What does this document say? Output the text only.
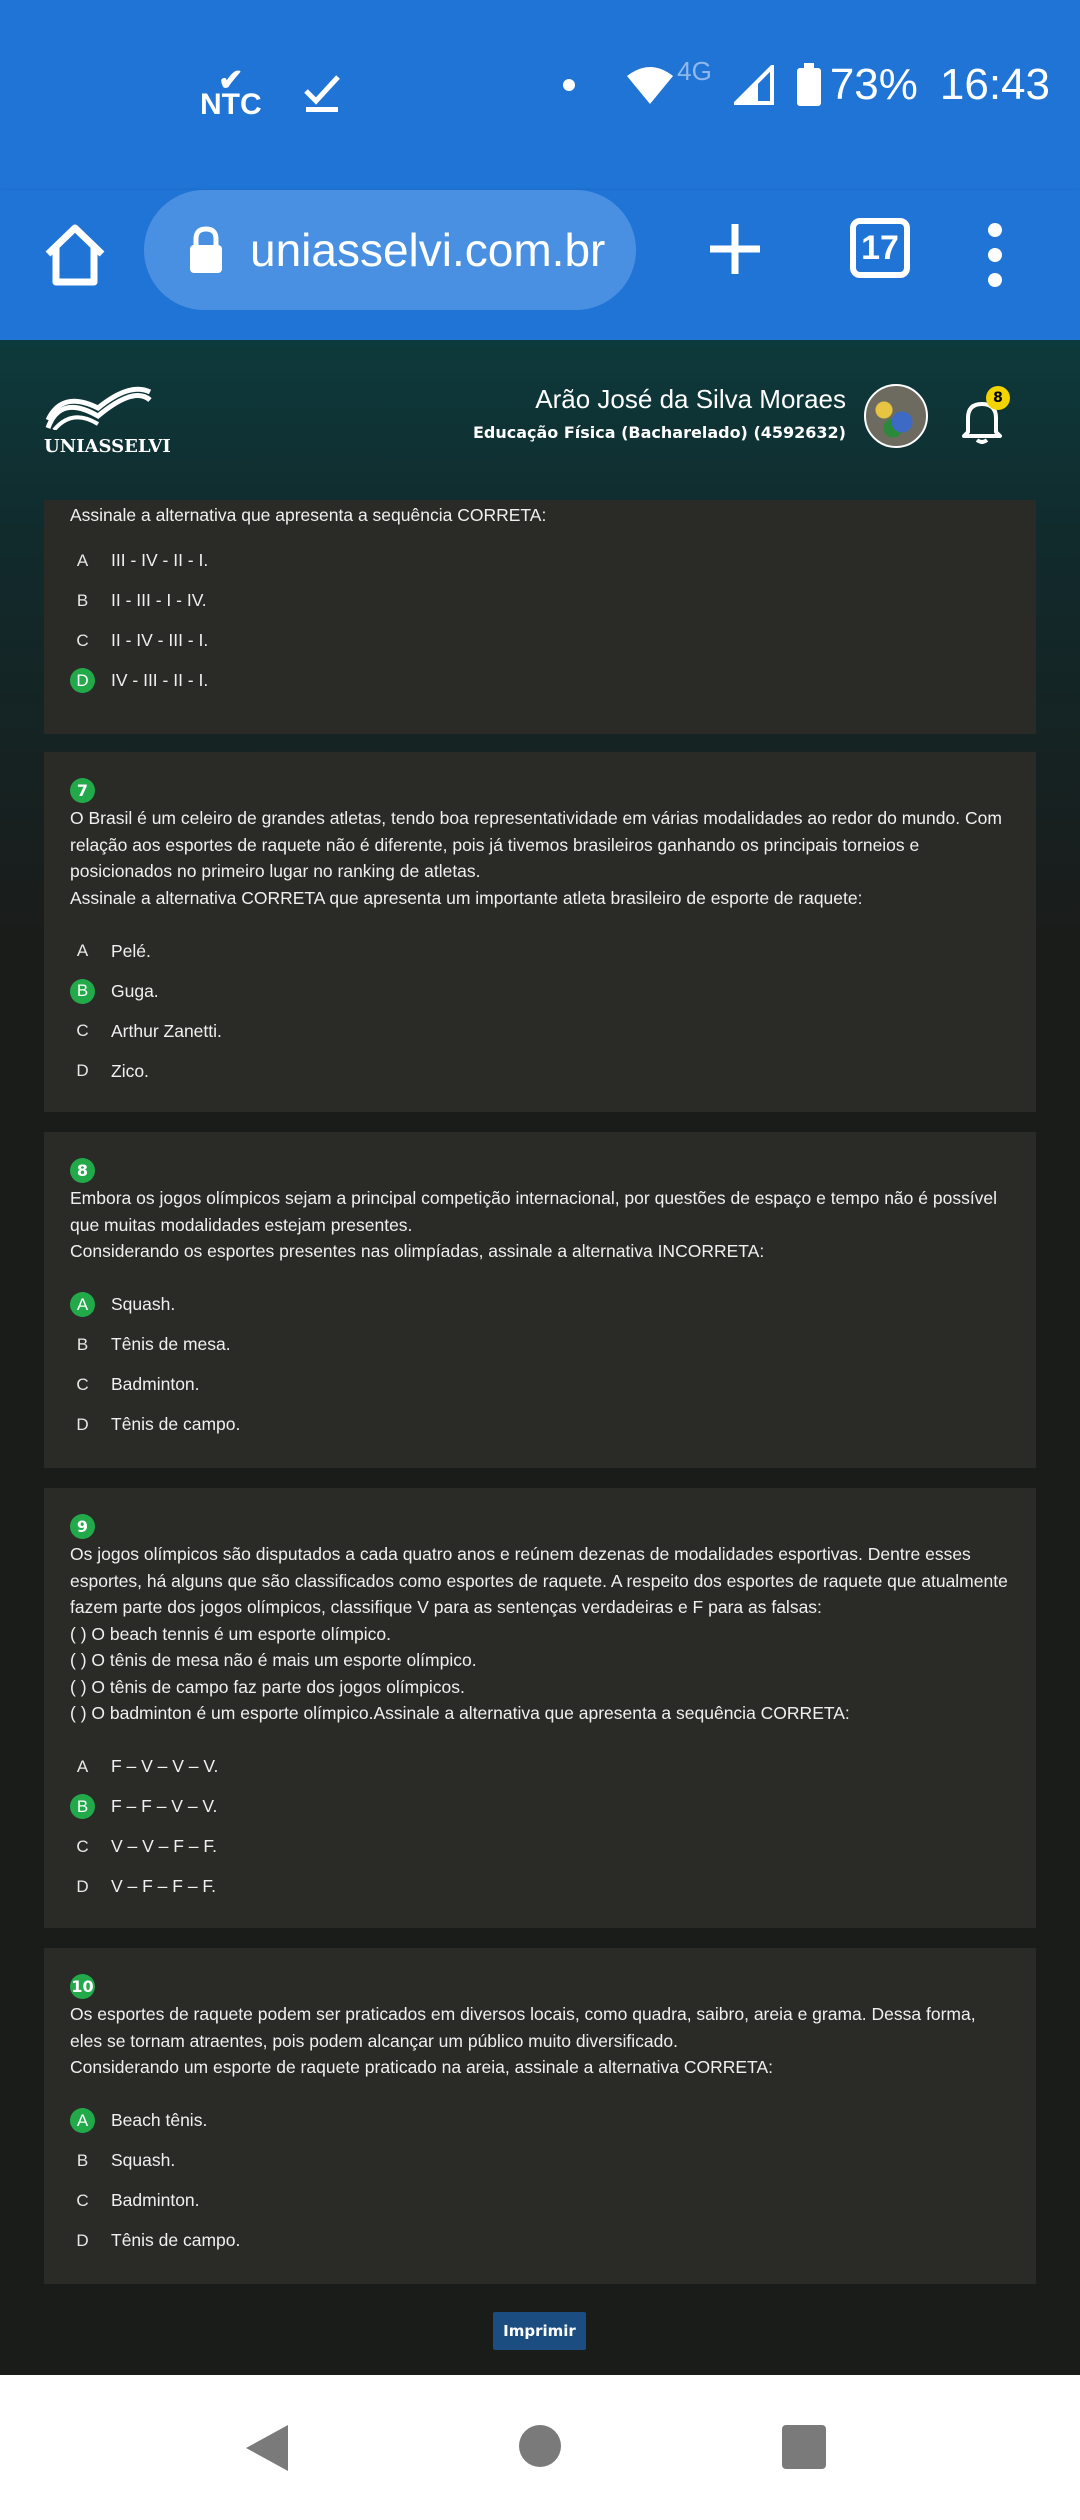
✔
NTC
4G	73% 16:43
uniasselvi.com.br	17
UNIASSELVI
Arão José da Silva Moraes
Educação Física (Bacharelado) (4592632)
8

Assinale a alternativa que apresenta a sequência CORRETA:

A	III - IV - II - I.
B	II - III - I - IV.
C	II - IV - III - I.
D	IV - III - II - I.
7

O Brasil é um celeiro de grandes atletas, tendo boa representatividade em várias modalidades ao redor do mundo. Com relação aos esportes de raquete não é diferente, pois já tivemos brasileiros ganhando os principais torneios e posicionados no primeiro lugar no ranking de atletas.

Assinale a alternativa CORRETA que apresenta um importante atleta brasileiro de esporte de raquete:

A	Pelé.
B	Guga.
C	Arthur Zanetti.
D	Zico.
8

Embora os jogos olímpicos sejam a principal competição internacional, por questões de espaço e tempo não é possível que muitas modalidades estejam presentes.

Considerando os esportes presentes nas olimpíadas, assinale a alternativa INCORRETA:

A	Squash.
B	Tênis de mesa.
C	Badminton.
D	Tênis de campo.
9

Os jogos olímpicos são disputados a cada quatro anos e reúnem dezenas de modalidades esportivas. Dentre esses esportes, há alguns que são classificados como esportes de raquete. A respeito dos esportes de raquete que atualmente fazem parte dos jogos olímpicos, classifique V para as sentenças verdadeiras e F para as falsas:

( ) O beach tennis é um esporte olímpico.

( ) O tênis de mesa não é mais um esporte olímpico.

( ) O tênis de campo faz parte dos jogos olímpicos.

( ) O badminton é um esporte olímpico.Assinale a alternativa que apresenta a sequência CORRETA:

A	F – V – V – V.
B	F – F – V – V.
C	V – V – F – F.
D	V – F – F – F.
10

Os esportes de raquete podem ser praticados em diversos locais, como quadra, saibro, areia e grama. Dessa forma, eles se tornam atraentes, pois podem alcançar um público muito diversificado.

Considerando um esporte de raquete praticado na areia, assinale a alternativa CORRETA:

A	Beach tênis.
B	Squash.
C	Badminton.
D	Tênis de campo.
Imprimir
